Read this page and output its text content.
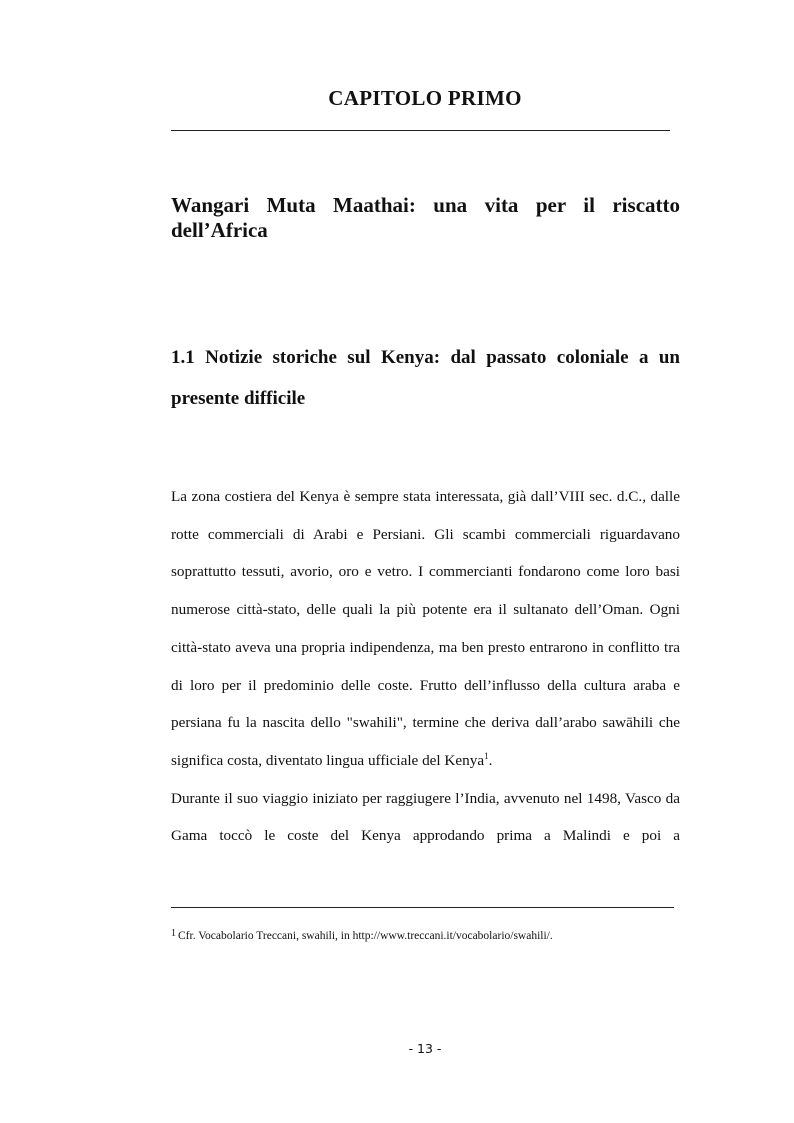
CAPITOLO PRIMO
Wangari Muta Maathai: una vita per il riscatto dell’Africa
1.1 Notizie storiche sul Kenya: dal passato coloniale a un presente difficile

La zona costiera del Kenya è sempre stata interessata, già dall’VIII sec. d.C., dalle rotte commerciali di Arabi e Persiani. Gli scambi commerciali riguardavano soprattutto tessuti, avorio, oro e vetro. I commercianti fondarono come loro basi numerose città-stato, delle quali la più potente era il sultanato dell’Oman. Ogni città-stato aveva una propria indipendenza, ma ben presto entrarono in conflitto tra di loro per il predominio delle coste. Frutto dell’influsso della cultura araba e persiana fu la nascita dello "swahili", termine che deriva dall’arabo sawāhili che significa costa, diventato lingua ufficiale del Kenya$^1$.

Durante il suo viaggio iniziato per raggiugere l’India, avvenuto nel 1498, Vasco da Gama toccò le coste del Kenya approdando prima a Malindi e poi a

$^1$ Cfr. Vocabolario Treccani, swahili, in http://www.treccani.it/vocabolario/swahili/.
- 13 -
